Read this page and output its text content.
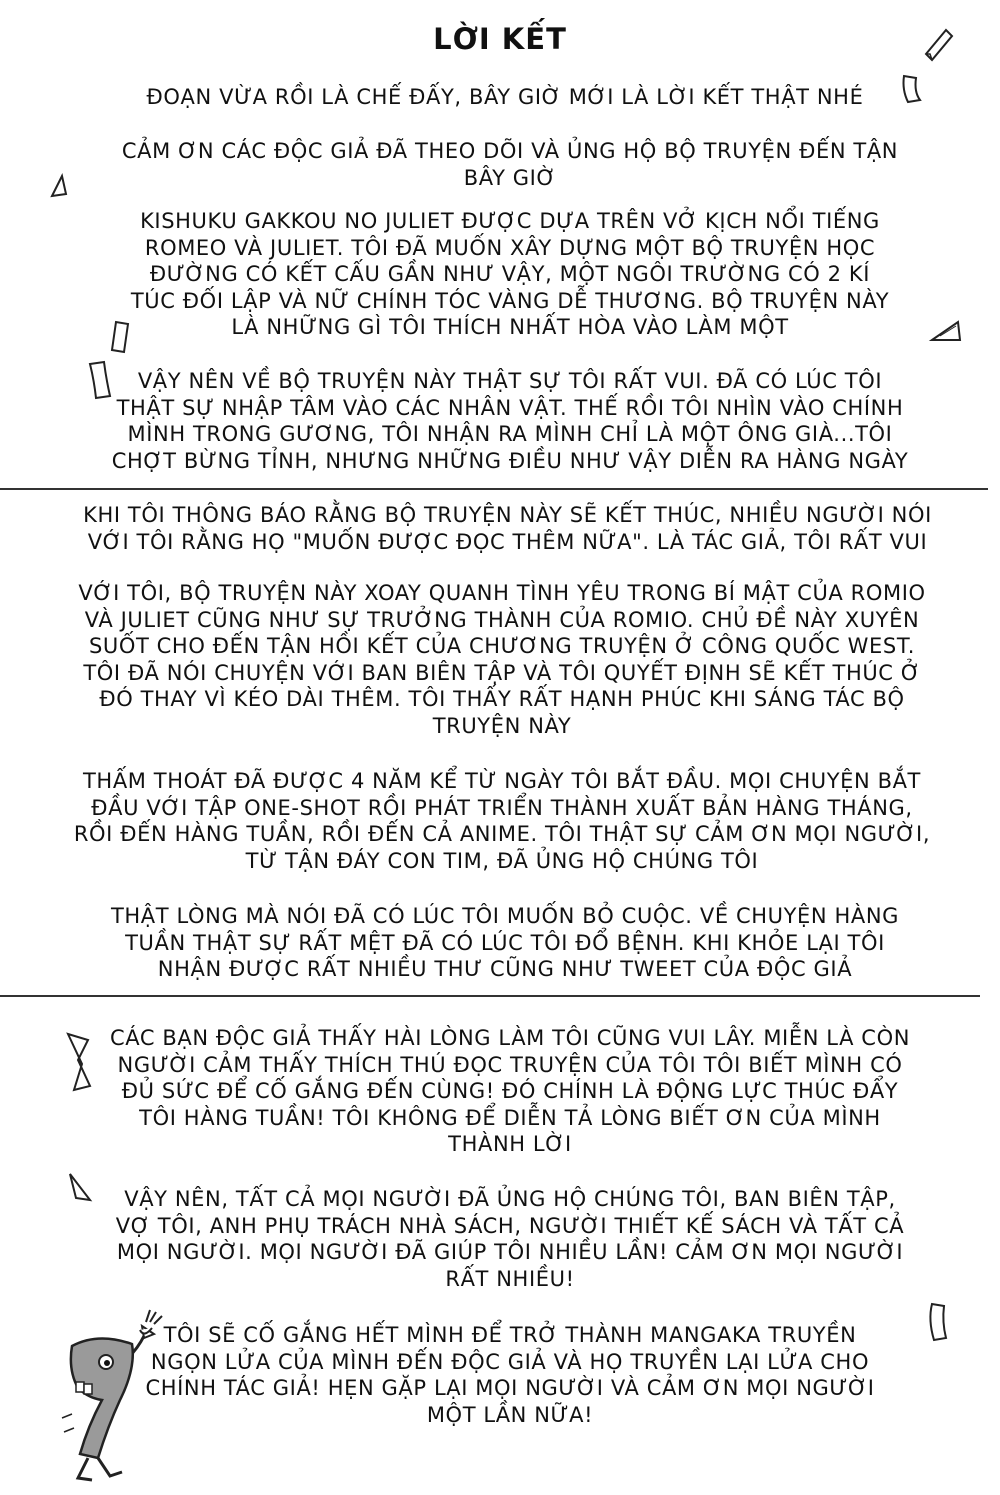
LỜI KẾT

ĐOẠN VỪA RỒI LÀ CHẾ ĐẤY, BÂY GIỜ MỚI LÀ LỜI KẾT THẬT NHÉ

CẢM ƠN CÁC ĐỘC GIẢ ĐÃ THEO DÕI VÀ ỦNG HỘ BỘ TRUYỆN ĐẾN TẬN BÂY GIỜ

KISHUKU GAKKOU NO JULIET ĐƯỢC DỰA TRÊN VỞ KỊCH NỔI TIẾNG ROMEO VÀ JULIET. TÔI ĐÃ MUỐN XÂY DỰNG MỘT BỘ TRUYỆN HỌC ĐƯỜNG CÓ KẾT CẤU GẦN NHƯ VẬY, MỘT NGÔI TRƯỜNG CÓ 2 KÍ TÚC ĐỐI LẬP VÀ NỮ CHÍNH TÓC VÀNG DỄ THƯƠNG. BỘ TRUYỆN NÀY LÀ NHỮNG GÌ TÔI THÍCH NHẤT HÒA VÀO LÀM MỘT

VẬY NÊN VỀ BỘ TRUYỆN NÀY THẬT SỰ TÔI RẤT VUI. ĐÃ CÓ LÚC TÔI THẬT SỰ NHẬP TÂM VÀO CÁC NHÂN VẬT. THẾ RỒI TÔI NHÌN VÀO CHÍNH MÌNH TRONG GƯƠNG, TÔI NHẬN RA MÌNH CHỈ LÀ MỘT ÔNG GIÀ...TÔI CHỢT BỪNG TỈNH, NHƯNG NHỮNG ĐIỀU NHƯ VẬY DIỄN RA HÀNG NGÀY

KHI TÔI THÔNG BÁO RẰNG BỘ TRUYỆN NÀY SẼ KẾT THÚC, NHIỀU NGƯỜI NÓI VỚI TÔI RẰNG HỌ "MUỐN ĐƯỢC ĐỌC THÊM NỮA". LÀ TÁC GIẢ, TÔI RẤT VUI

VỚI TÔI, BỘ TRUYỆN NÀY XOAY QUANH TÌNH YÊU TRONG BÍ MẬT CỦA ROMIO VÀ JULIET CŨNG NHƯ SỰ TRƯỞNG THÀNH CỦA ROMIO. CHỦ ĐỀ NÀY XUYÊN SUỐT CHO ĐẾN TẬN HỒI KẾT CỦA CHƯƠNG TRUYỆN Ở CÔNG QUỐC WEST. TÔI ĐÃ NÓI CHUYỆN VỚI BAN BIÊN TẬP VÀ TÔI QUYẾT ĐỊNH SẼ KẾT THÚC Ở ĐÓ THAY VÌ KÉO DÀI THÊM. TÔI THẤY RẤT HẠNH PHÚC KHI SÁNG TÁC BỘ TRUYỆN NÀY

THẤM THOÁT ĐÃ ĐƯỢC 4 NĂM KỂ TỪ NGÀY TÔI BẮT ĐẦU. MỌI CHUYỆN BẮT ĐẦU VỚI TẬP ONE-SHOT RỒI PHÁT TRIỂN THÀNH XUẤT BẢN HÀNG THÁNG, RỒI ĐẾN HÀNG TUẦN, RỒI ĐẾN CẢ ANIME. TÔI THẬT SỰ CẢM ƠN MỌI NGƯỜI, TỪ TẬN ĐÁY CON TIM, ĐÃ ỦNG HỘ CHÚNG TÔI

THẬT LÒNG MÀ NÓI ĐÃ CÓ LÚC TÔI MUỐN BỎ CUỘC. VỀ CHUYỆN HÀNG TUẦN THẬT SỰ RẤT MỆT ĐÃ CÓ LÚC TÔI ĐỔ BỆNH. KHI KHỎE LẠI TÔI NHẬN ĐƯỢC RẤT NHIỀU THƯ CŨNG NHƯ TWEET CỦA ĐỘC GIẢ

CÁC BẠN ĐỘC GIẢ THẤY HÀI LÒNG LÀM TÔI CŨNG VUI LÂY. MIỄN LÀ CÒN NGƯỜI CẢM THẤY THÍCH THÚ ĐỌC TRUYỆN CỦA TÔI TÔI BIẾT MÌNH CÓ ĐỦ SỨC ĐỂ CỐ GẮNG ĐẾN CÙNG! ĐÓ CHÍNH LÀ ĐỘNG LỰC THÚC ĐẨY TÔI HÀNG TUẦN! TÔI KHÔNG ĐỂ DIỄN TẢ LÒNG BIẾT ƠN CỦA MÌNH THÀNH LỜI

VẬY NÊN, TẤT CẢ MỌI NGƯỜI ĐÃ ỦNG HỘ CHÚNG TÔI, BAN BIÊN TẬP, VỢ TÔI, ANH PHỤ TRÁCH NHÀ SÁCH, NGƯỜI THIẾT KẾ SÁCH VÀ TẤT CẢ MỌI NGƯỜI. MỌI NGƯỜI ĐÃ GIÚP TÔI NHIỀU LẦN! CẢM ƠN MỌI NGƯỜI RẤT NHIỀU!

TÔI SẼ CỐ GẮNG HẾT MÌNH ĐỂ TRỞ THÀNH MANGAKA TRUYỀN NGỌN LỬA CỦA MÌNH ĐẾN ĐỘC GIẢ VÀ HỌ TRUYỀN LẠI LỬA CHO CHÍNH TÁC GIẢ! HẸN GẶP LẠI MỌI NGƯỜI VÀ CẢM ƠN MỌI NGƯỜI MỘT LẦN NỮA!
